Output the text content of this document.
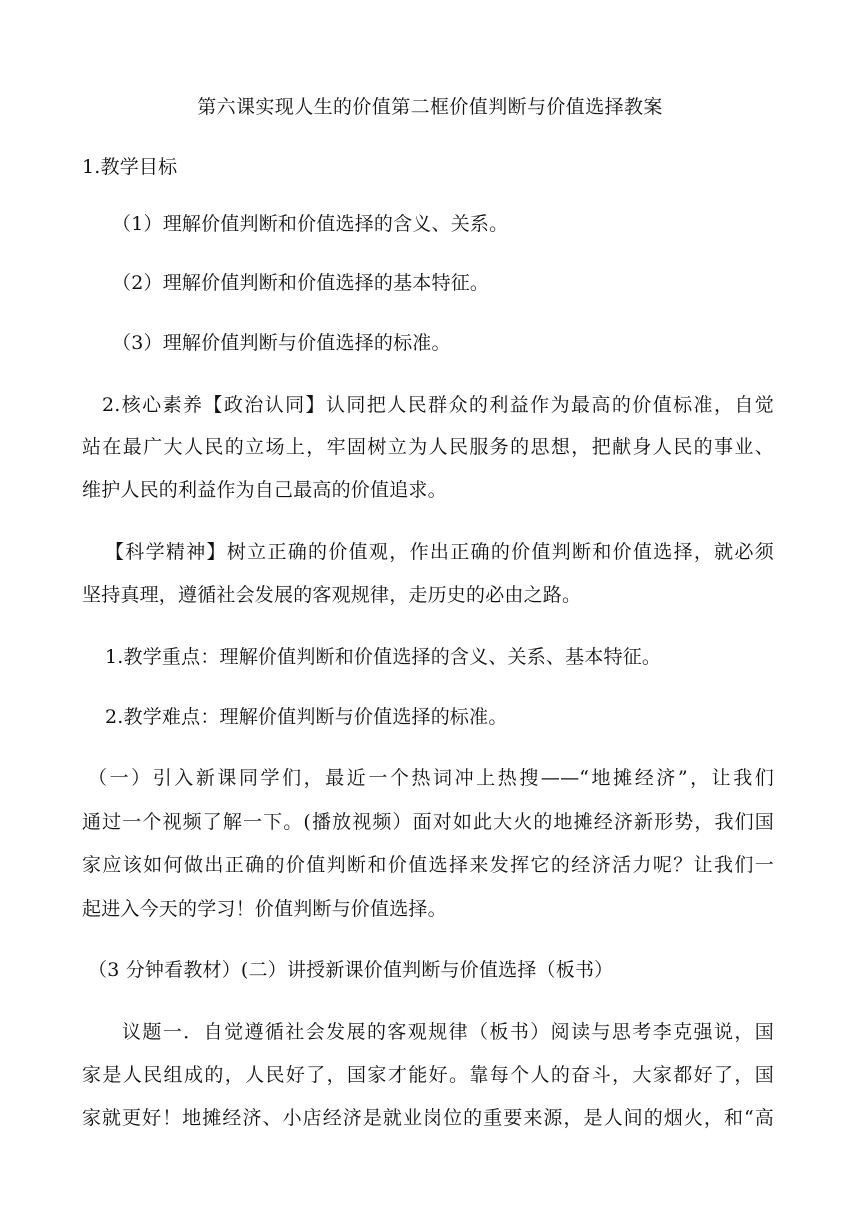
第六课实现人生的价值第二框价值判断与价值选择教案
1.教学目标
（1）理解价值判断和价值选择的含义、关系。
（2）理解价值判断和价值选择的基本特征。
（3）理解价值判断与价值选择的标准。
2.核心素养【政治认同】认同把人民群众的利益作为最高的价值标准，自觉
站在最广大人民的立场上，牢固树立为人民服务的思想，把献身人民的事业、
维护人民的利益作为自己最高的价值追求。
【科学精神】树立正确的价值观，作出正确的价值判断和价值选择，就必须
坚持真理，遵循社会发展的客观规律，走历史的必由之路。
1.教学重点：理解价值判断和价值选择的含义、关系、基本特征。
2.教学难点：理解价值判断与价值选择的标准。
（一）引入新课同学们，最近一个热词冲上热搜——“地摊经济”，让我们
通过一个视频了解一下。(播放视频）面对如此大火的地摊经济新形势，我们国
家应该如何做出正确的价值判断和价值选择来发挥它的经济活力呢？让我们一
起进入今天的学习！价值判断与价值选择。
（3 分钟看教材）(二）讲授新课价值判断与价值选择（板书）
议题一．自觉遵循社会发展的客观规律（板书）阅读与思考李克强说，国
家是人民组成的，人民好了，国家才能好。靠每个人的奋斗，大家都好了，国
家就更好！地摊经济、小店经济是就业岗位的重要来源，是人间的烟火，和“高
